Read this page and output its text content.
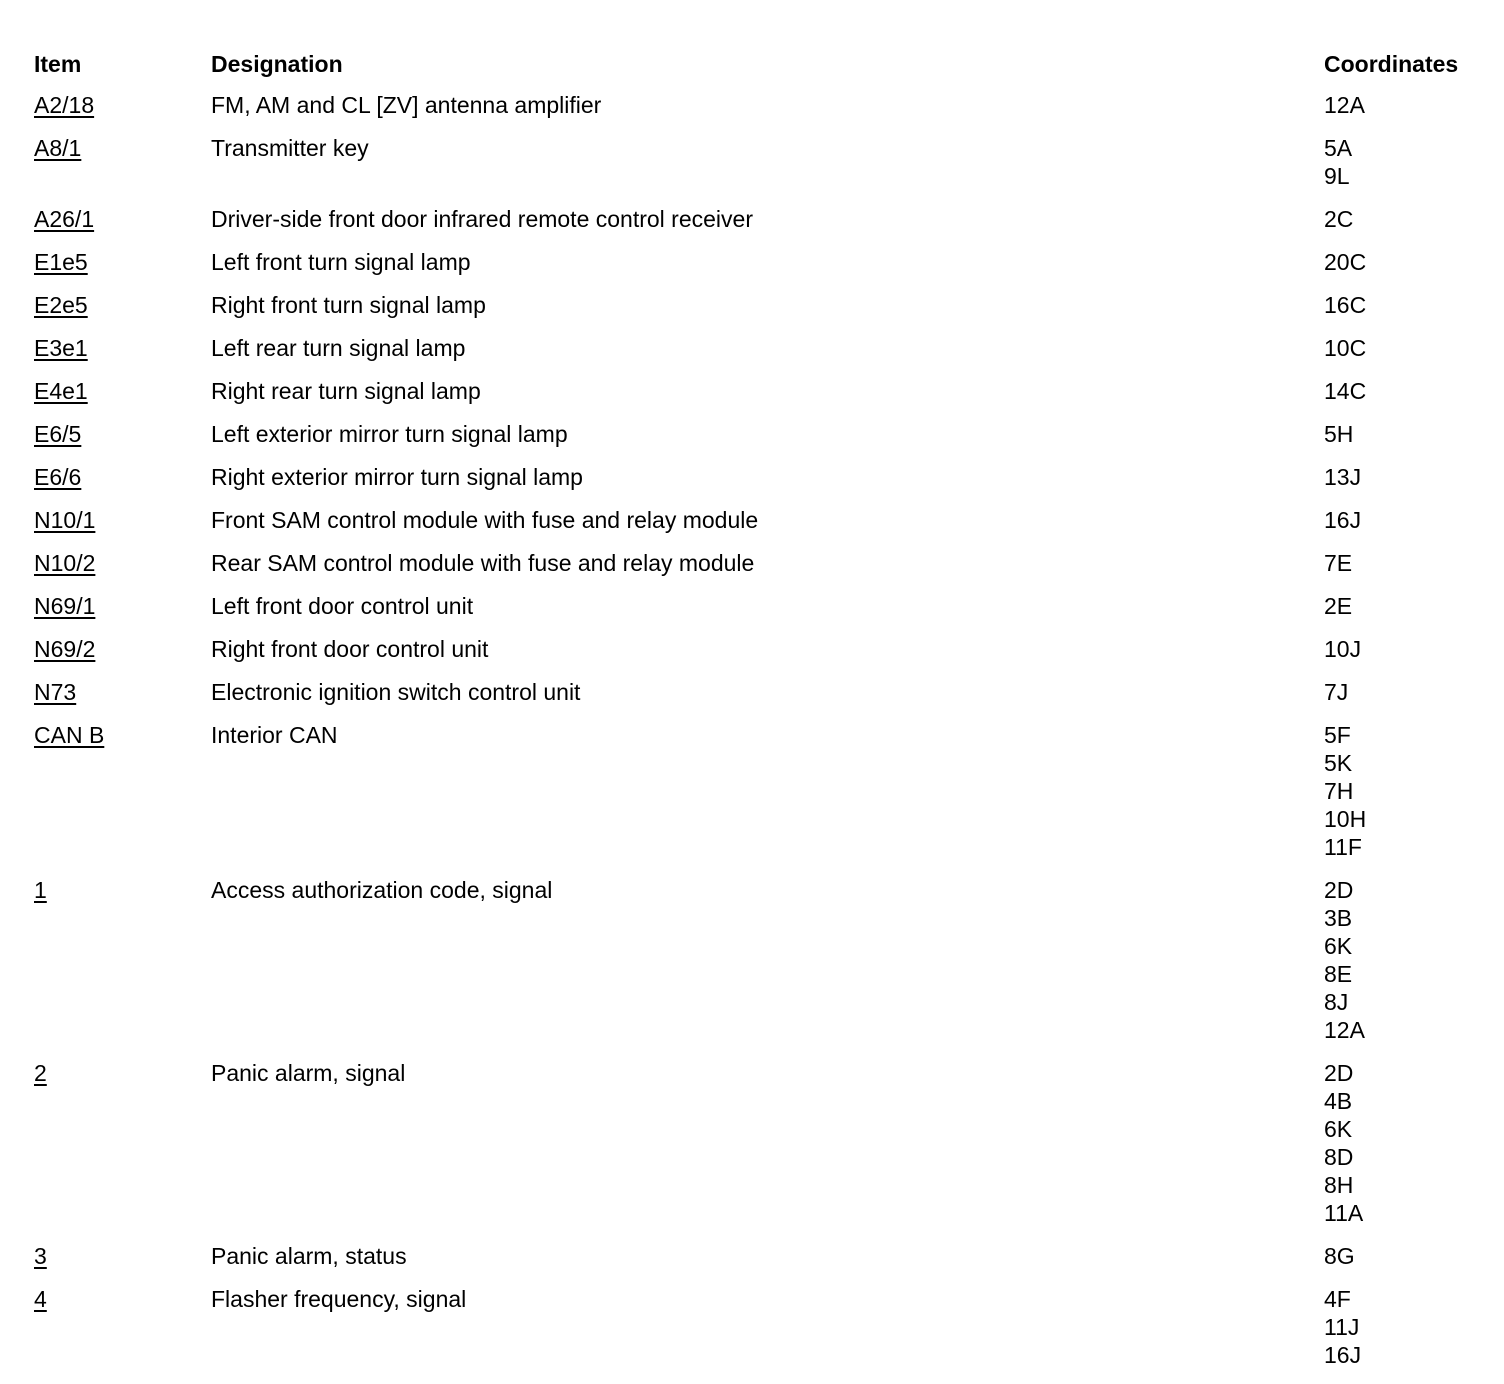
Item	Designation	Coordinates
A2/18	FM, AM and CL [ZV] antenna amplifier	12A
A8/1	Transmitter key	5A
9L
A26/1	Driver-side front door infrared remote control receiver	2C
E1e5	Left front turn signal lamp	20C
E2e5	Right front turn signal lamp	16C
E3e1	Left rear turn signal lamp	10C
E4e1	Right rear turn signal lamp	14C
E6/5	Left exterior mirror turn signal lamp	5H
E6/6	Right exterior mirror turn signal lamp	13J
N10/1	Front SAM control module with fuse and relay module	16J
N10/2	Rear SAM control module with fuse and relay module	7E
N69/1	Left front door control unit	2E
N69/2	Right front door control unit	10J
N73	Electronic ignition switch control unit	7J
CAN B	Interior CAN	5F
5K
7H
10H
11F
1	Access authorization code, signal	2D
3B
6K
8E
8J
12A
2	Panic alarm, signal	2D
4B
6K
8D
8H
11A
3	Panic alarm, status	8G
4	Flasher frequency, signal	4F
11J
16J
